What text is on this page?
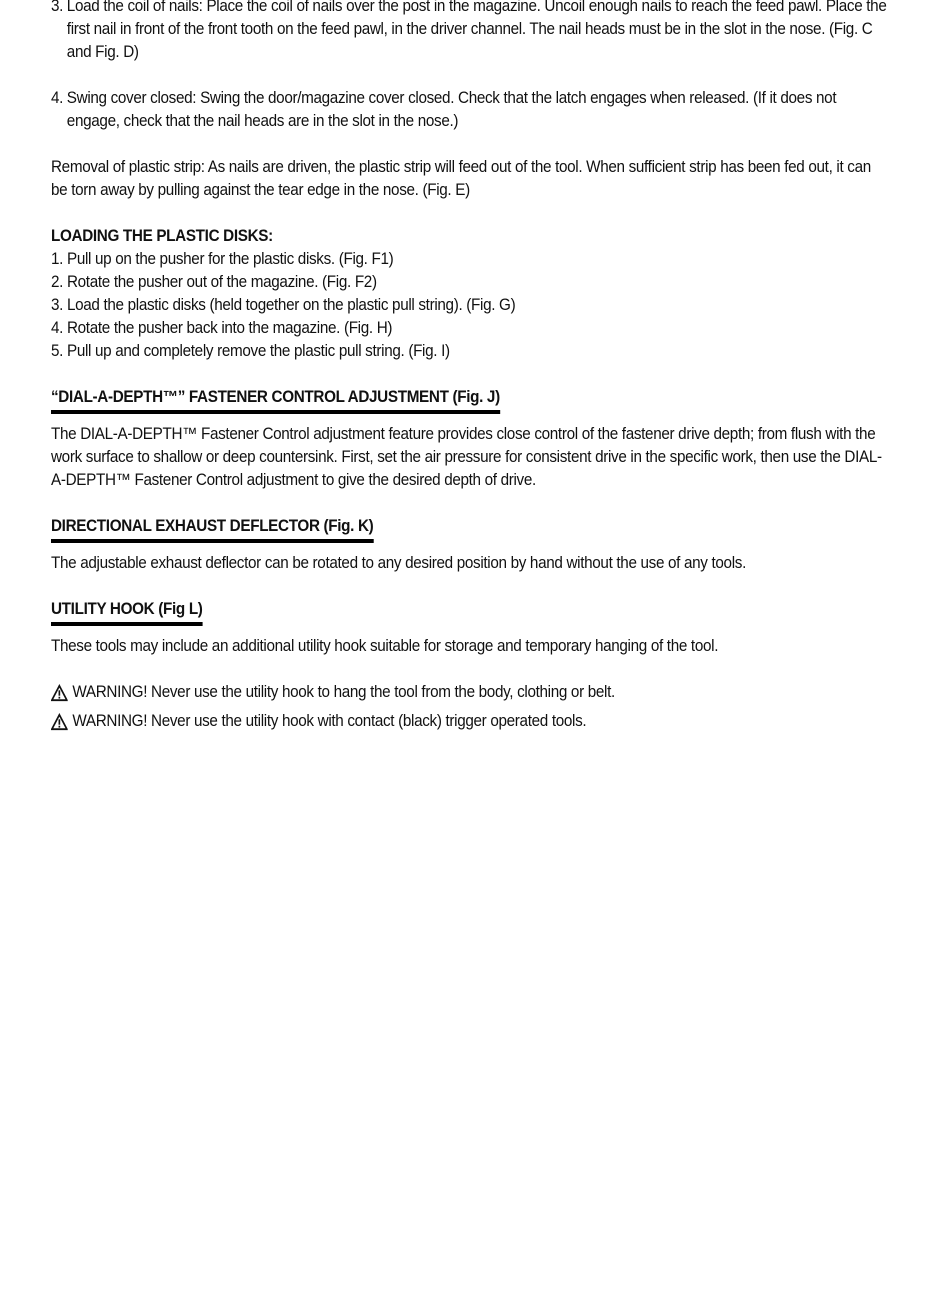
3. Load the coil of nails: Place the coil of nails over the post in the magazine. Uncoil enough nails to reach the feed pawl. Place the first nail in front of the front tooth on the feed pawl, in the driver channel. The nail heads must be in the slot in the nose. (Fig. C and Fig. D)
4. Swing cover closed: Swing the door/magazine cover closed. Check that the latch engages when released. (If it does not engage, check that the nail heads are in the slot in the nose.)

Removal of plastic strip: As nails are driven, the plastic strip will feed out of the tool. When sufficient strip has been fed out, it can be torn away by pulling against the tear edge in the nose. (Fig. E)

LOADING THE PLASTIC DISKS:
1. Pull up on the pusher for the plastic disks. (Fig. F1)
2. Rotate the pusher out of the magazine. (Fig. F2)
3. Load the plastic disks (held together on the plastic pull string). (Fig. G)
4. Rotate the pusher back into the magazine. (Fig. H)
5. Pull up and completely remove the plastic pull string. (Fig. I)
“DIAL-A-DEPTH™” FASTENER CONTROL ADJUSTMENT (Fig. J)

The DIAL-A-DEPTH™ Fastener Control adjustment feature provides close control of the fastener drive depth; from flush with the work surface to shallow or deep countersink. First, set the air pressure for consistent drive in the specific work, then use the DIAL-A-DEPTH™ Fastener Control adjustment to give the desired depth of drive.

DIRECTIONAL EXHAUST DEFLECTOR (Fig. K)

The adjustable exhaust deflector can be rotated to any desired position by hand without the use of any tools.

UTILITY HOOK (Fig L)

These tools may include an additional utility hook suitable for storage and temporary hanging of the tool.

WARNING! Never use the utility hook to hang the tool from the body, clothing or belt.
WARNING! Never use the utility hook with contact (black) trigger operated tools.
